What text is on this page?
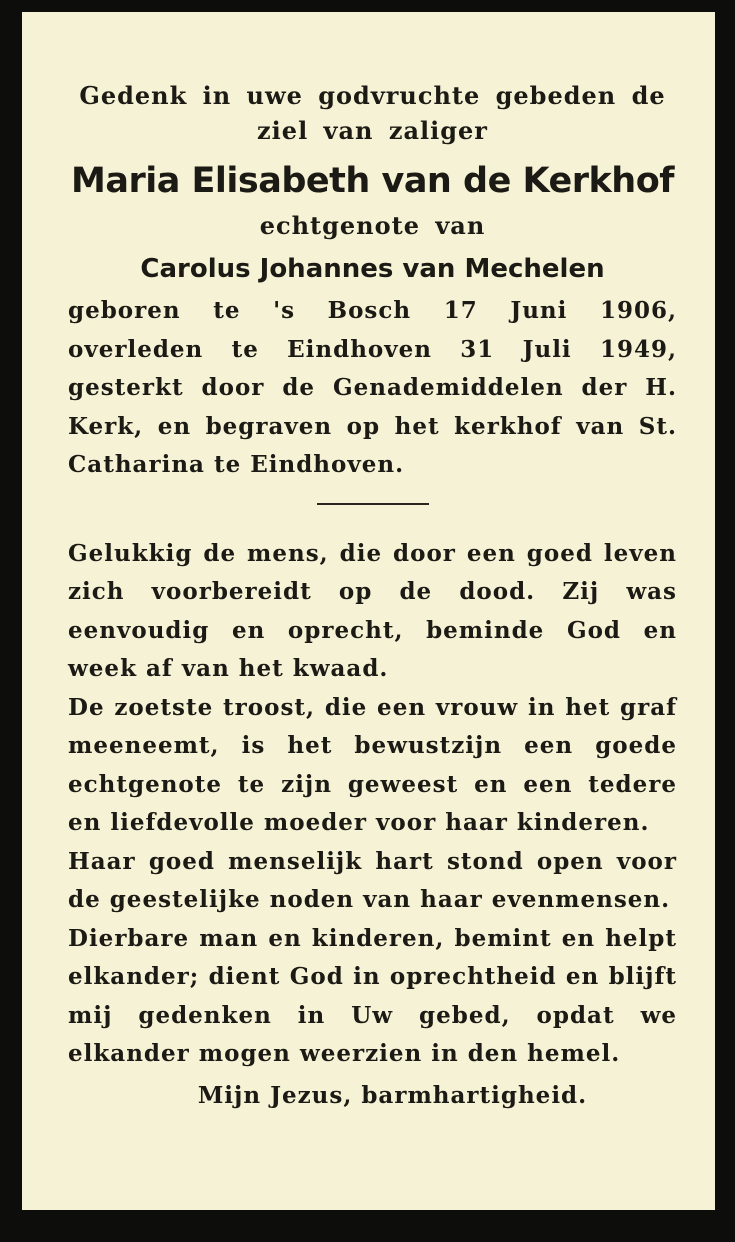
Gedenk in uwe godvruchte gebeden de

ziel van zaliger

Maria Elisabeth van de Kerkhof

echtgenote van

Carolus Johannes van Mechelen

geboren te 's Bosch 17 Juni 1906, overleden te Eindhoven 31 Juli 1949, gesterkt door de Genademiddelen der H. Kerk, en begraven op het kerkhof van St. Catharina te Eindhoven.

Gelukkig de mens, die door een goed leven zich voorbereidt op de dood. Zij was eenvoudig en oprecht, beminde God en week af van het kwaad.

De zoetste troost, die een vrouw in het graf meeneemt, is het bewustzijn een goede echtgenote te zijn geweest en een tedere en liefdevolle moeder voor haar kinderen.

Haar goed menselijk hart stond open voor de geestelijke noden van haar evenmensen.

Dierbare man en kinderen, bemint en helpt elkander; dient God in oprechtheid en blijft mij gedenken in Uw gebed, opdat we elkander mogen weerzien in den hemel.

Mijn Jezus, barmhartigheid.
